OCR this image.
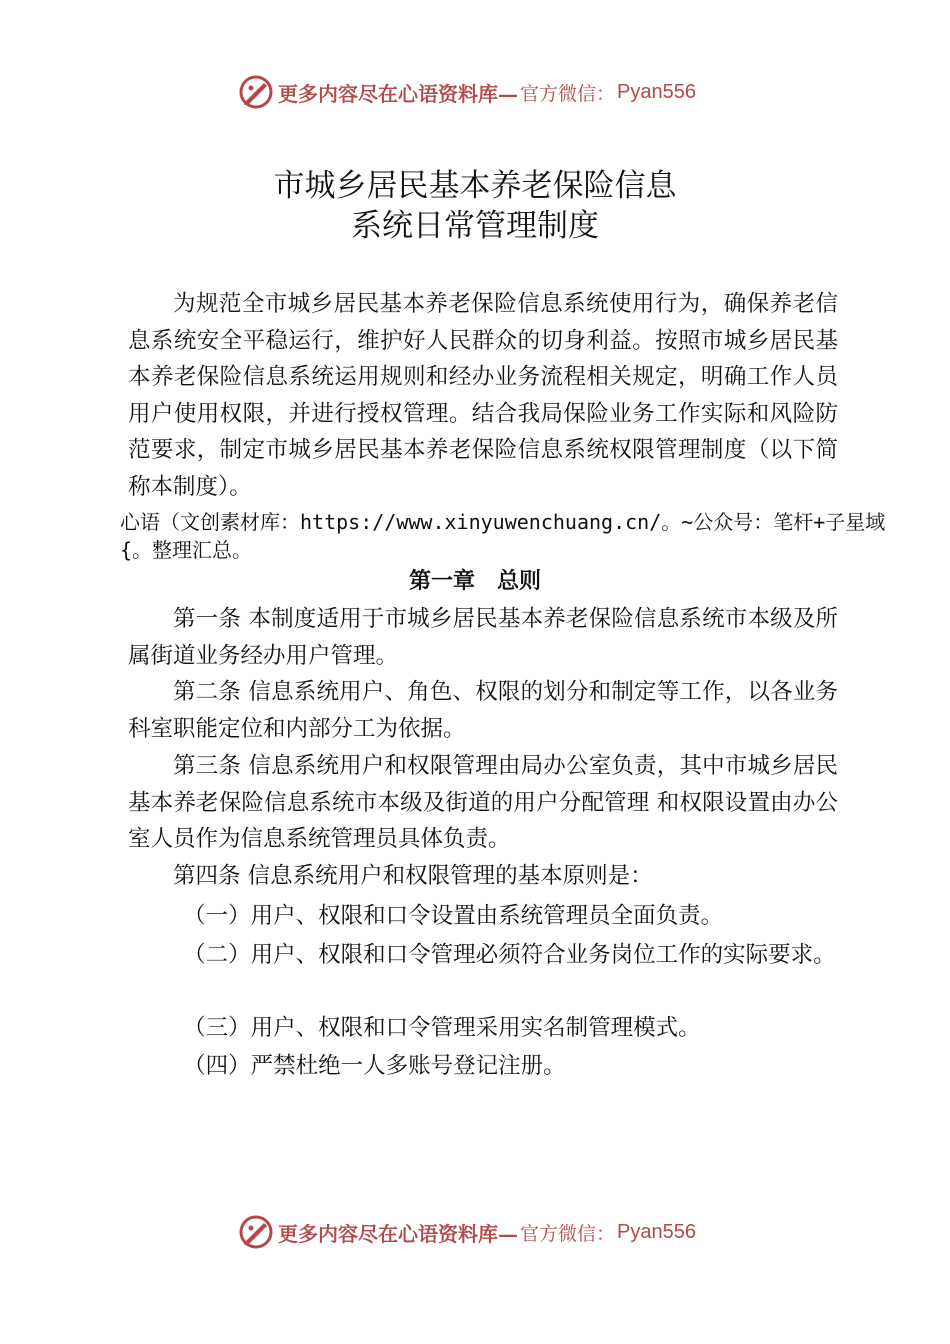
更多内容尽在心语资料库— 官方微信： Pyan556
市城乡居民基本养老保险信息
系统日常管理制度
为规范全市城乡居民基本养老保险信息系统使用行为，确保养老信息系统安全平稳运行，维护好人民群众的切身利益。按照市城乡居民基本养老保险信息系统运用规则和经办业务流程相关规定，明确工作人员用户使用权限，并进行授权管理。结合我局保险业务工作实际和风险防范要求，制定市城乡居民基本养老保险信息系统权限管理制度（以下简称本制度）。
心语（文创素材库：https://www.xinyuwenchuang.cn/。~公众号：笔杆+子星域{。整理汇总。
第一章　总则
第一条 本制度适用于市城乡居民基本养老保险信息系统市本级及所属街道业务经办用户管理。
第二条 信息系统用户、角色、权限的划分和制定等工作，以各业务科室职能定位和内部分工为依据。
第三条 信息系统用户和权限管理由局办公室负责，其中市城乡居民基本养老保险信息系统市本级及街道的用户分配管理 和权限设置由办公室人员作为信息系统管理员具体负责。
第四条 信息系统用户和权限管理的基本原则是：
（一）用户、权限和口令设置由系统管理员全面负责。
（二）用户、权限和口令管理必须符合业务岗位工作的实际要求。
（三）用户、权限和口令管理采用实名制管理模式。
（四）严禁杜绝一人多账号登记注册。
更多内容尽在心语资料库— 官方微信： Pyan556
